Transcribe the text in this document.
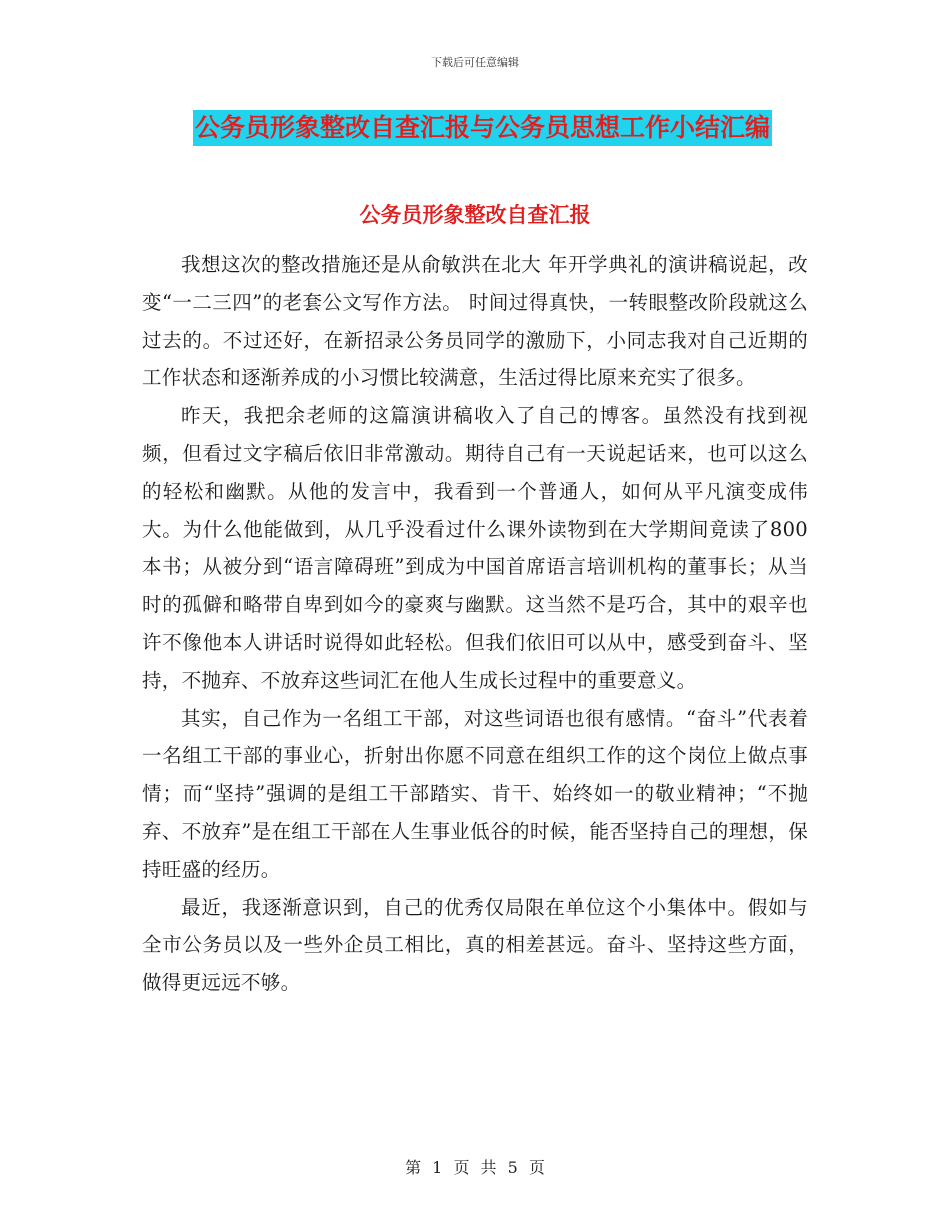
下载后可任意编辑
公务员形象整改自查汇报与公务员思想工作小结汇编
公务员形象整改自查汇报

我想这次的整改措施还是从俞敏洪在北大 年开学典礼的演讲稿说起，改变“一二三四”的老套公文写作方法。 时间过得真快，一转眼整改阶段就这么过去的。不过还好，在新招录公务员同学的激励下，小同志我对自己近期的工作状态和逐渐养成的小习惯比较满意，生活过得比原来充实了很多。

昨天，我把余老师的这篇演讲稿收入了自己的博客。虽然没有找到视频，但看过文字稿后依旧非常激动。期待自己有一天说起话来，也可以这么的轻松和幽默。从他的发言中，我看到一个普通人，如何从平凡演变成伟大。为什么他能做到，从几乎没看过什么课外读物到在大学期间竟读了800本书；从被分到“语言障碍班”到成为中国首席语言培训机构的董事长；从当时的孤僻和略带自卑到如今的豪爽与幽默。这当然不是巧合，其中的艰辛也许不像他本人讲话时说得如此轻松。但我们依旧可以从中，感受到奋斗、坚持，不抛弃、不放弃这些词汇在他人生成长过程中的重要意义。

其实，自己作为一名组工干部，对这些词语也很有感情。“奋斗”代表着一名组工干部的事业心，折射出你愿不同意在组织工作的这个岗位上做点事情；而“坚持”强调的是组工干部踏实、肯干、始终如一的敬业精神；“不抛弃、不放弃”是在组工干部在人生事业低谷的时候，能否坚持自己的理想，保持旺盛的经历。

最近，我逐渐意识到，自己的优秀仅局限在单位这个小集体中。假如与全市公务员以及一些外企员工相比，真的相差甚远。奋斗、坚持这些方面，做得更远远不够。

第 1 页 共 5 页
